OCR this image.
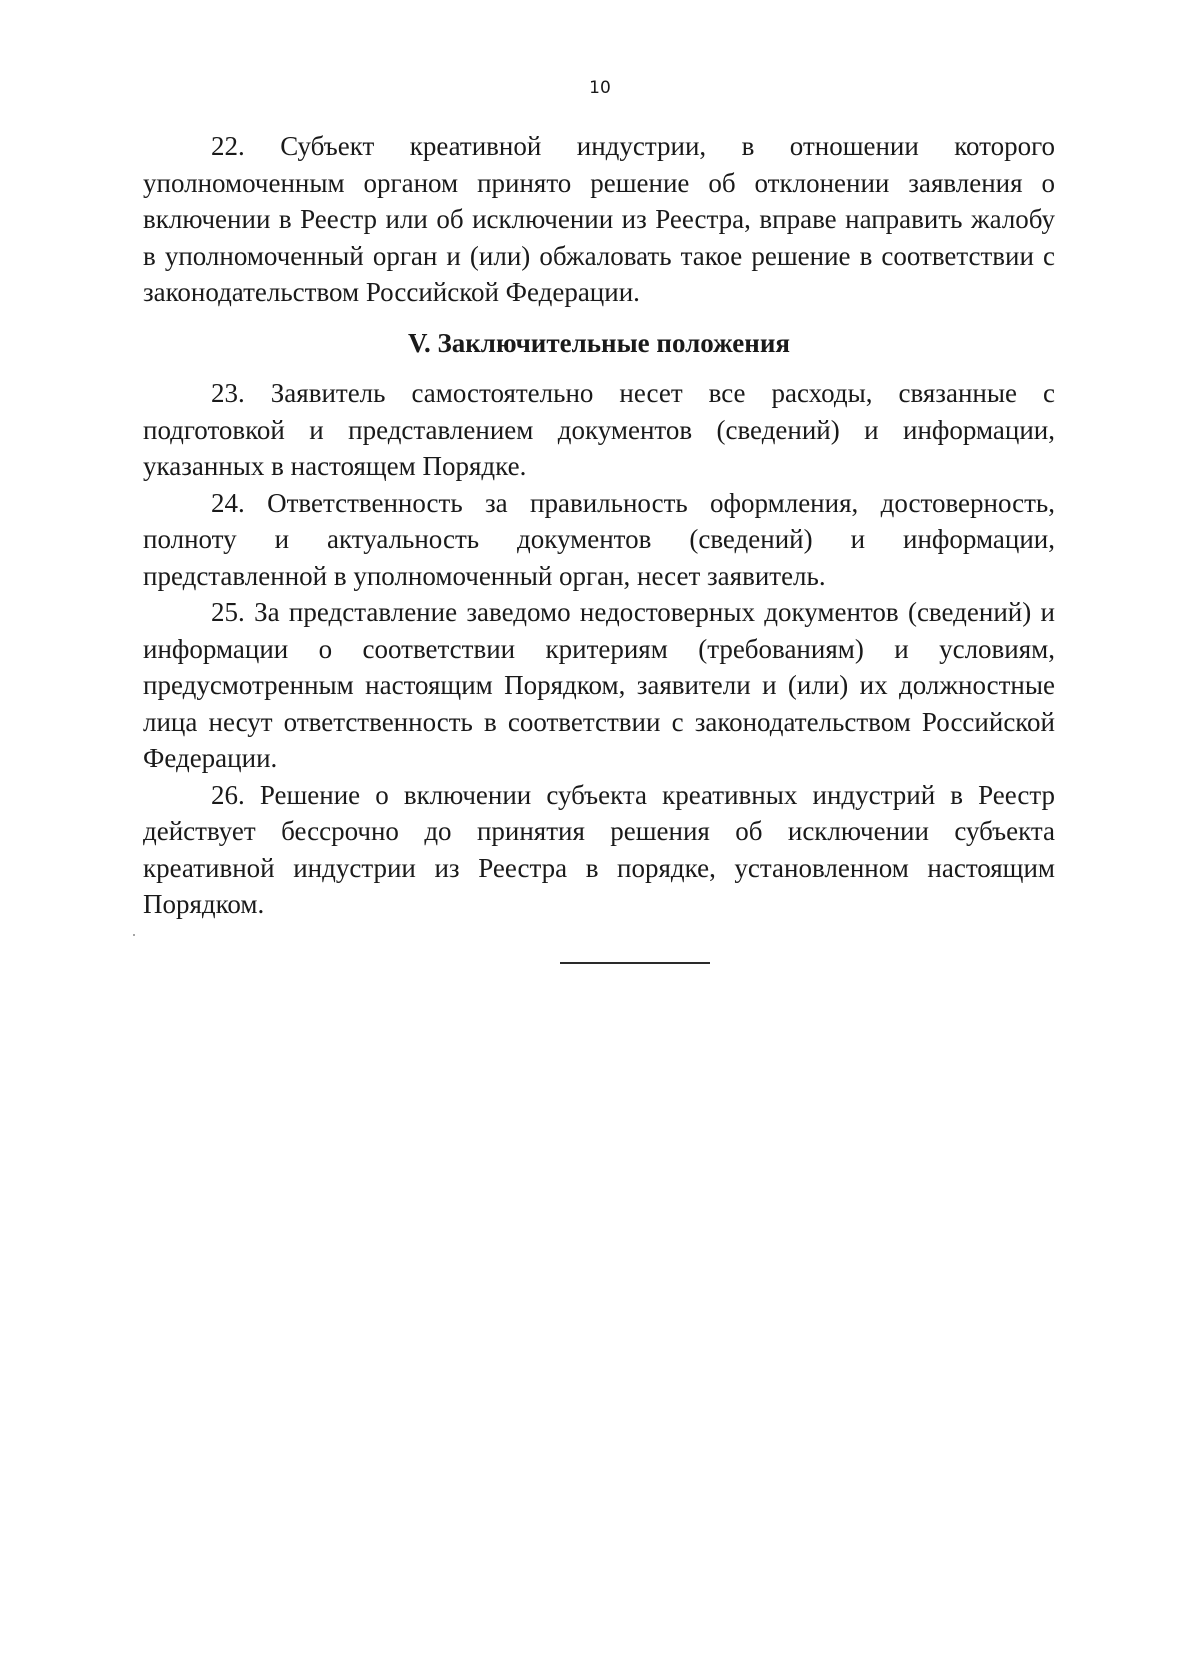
10

22. Субъект креативной индустрии, в отношении которого уполномоченным органом принято решение об отклонении заявления о включении в Реестр или об исключении из Реестра, вправе направить жалобу в уполномоченный орган и (или) обжаловать такое решение в соответствии с законодательством Российской Федерации.

V. Заключительные положения

23. Заявитель самостоятельно несет все расходы, связанные с подготовкой и представлением документов (сведений) и информации, указанных в настоящем Порядке.

24. Ответственность за правильность оформления, достоверность, полноту и актуальность документов (сведений) и информации, представленной в уполномоченный орган, несет заявитель.

25. За представление заведомо недостоверных документов (сведений) и информации о соответствии критериям (требованиям) и условиям, предусмотренным настоящим Порядком, заявители и (или) их должностные лица несут ответственность в соответствии с законодательством Российской Федерации.

26. Решение о включении субъекта креативных индустрий в Реестр действует бессрочно до принятия решения об исключении субъекта креативной индустрии из Реестра в порядке, установленном настоящим Порядком.
